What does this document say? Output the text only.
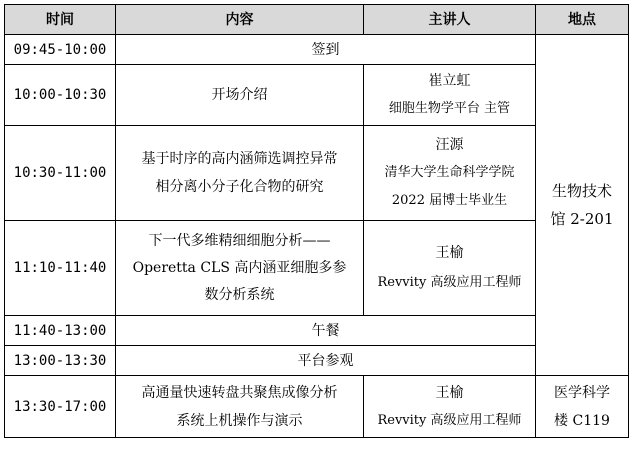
时间	内容	主讲人	地点
09:45-10:00	签到		生物技术
馆 2-201

10:00-10:30	开场介绍	崔立虹
细胞生物学平台 主管	

10:30-11:00	基于时序的高内涵筛选调控异常
相分离小分子化合物的研究	汪源
清华大学生命科学学院
2022 届博士毕业生	

11:10-11:40	下一代多维精细细胞分析——
Operetta CLS 高内涵亚细胞多参
数分析系统	王榆
Revvity 高级应用工程师	

11:40-13:00	午餐		

13:00-13:30	平台参观		

13:30-17:00	高通量快速转盘共聚焦成像分析
系统上机操作与演示	王榆
Revvity 高级应用工程师	医学科学
楼 C119
